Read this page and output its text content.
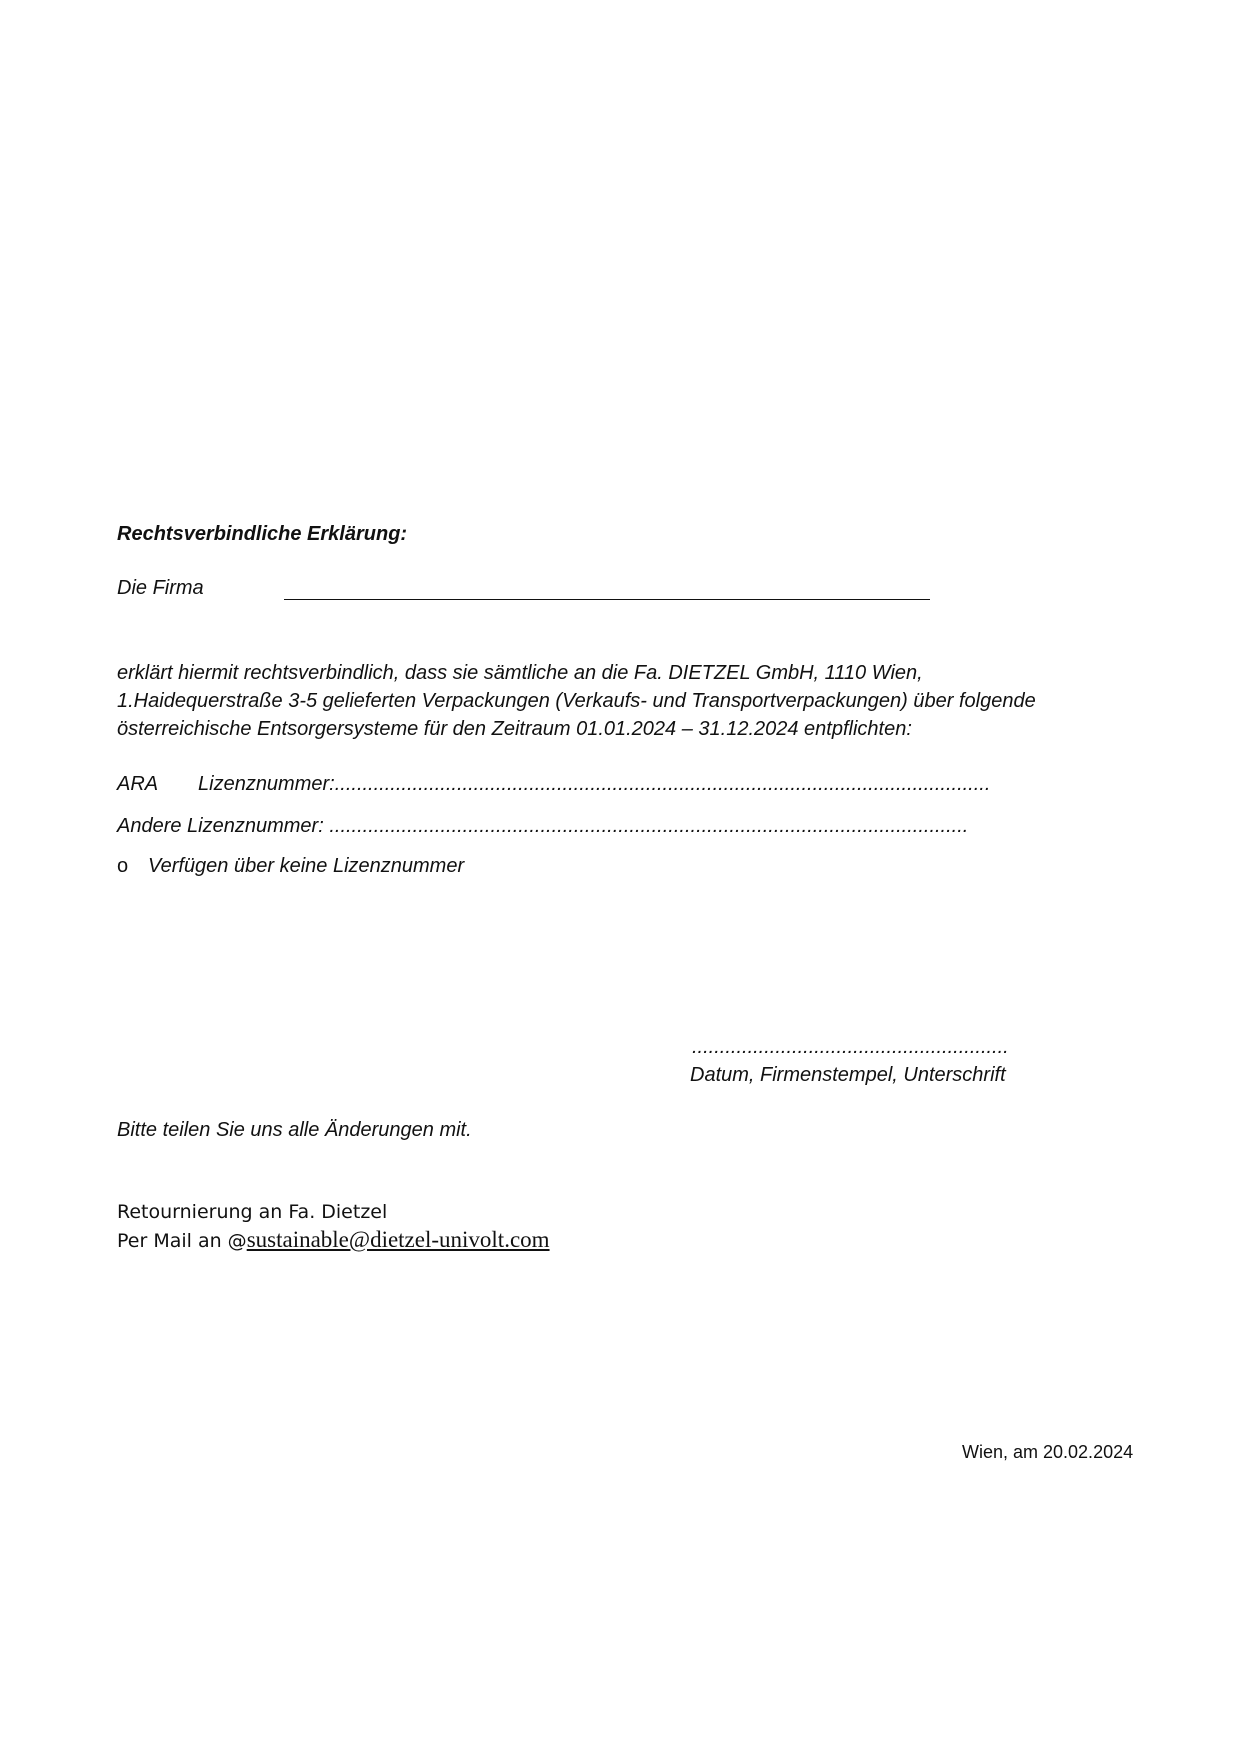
Rechtsverbindliche Erklärung:
Die Firma
erklärt hiermit rechtsverbindlich, dass sie sämtliche an die Fa. DIETZEL GmbH, 1110 Wien,
1.Haidequerstraße 3-5 gelieferten Verpackungen (Verkaufs- und Transportverpackungen) über folgende
österreichische Entsorgersysteme für den Zeitraum 01.01.2024 – 31.12.2024 entpflichten:
ARA Lizenznummer:......................................................................................................................
Andere Lizenznummer: ...................................................................................................................
o Verfügen über keine Lizenznummer
.........................................................
Datum, Firmenstempel, Unterschrift
Bitte teilen Sie uns alle Änderungen mit.
Retournierung an Fa. Dietzel
Per Mail an @sustainable@dietzel-univolt.com
Wien, am 20.02.2024
